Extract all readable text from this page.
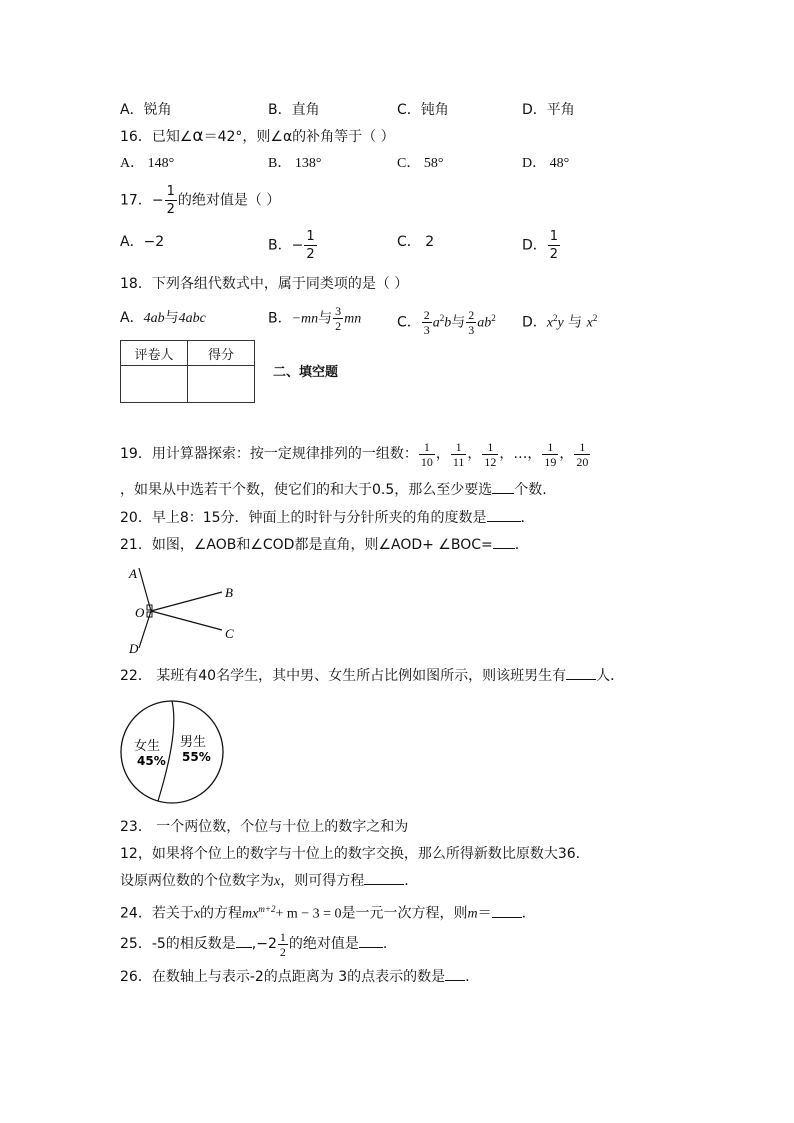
A．锐角	B．直角	C．钝角	D．平角
16．已知∠α＝42°，则∠α的补角等于（ ）
A． 148°	B． 138°	C． 58°	D． 48°
17．− $\frac{1}{2}$ 的绝对值是（ ）
A．−2	B．− $\frac{1}{2}$	C． 2	D． $\frac{1}{2}$
18．下列各组代数式中，属于同类项的是（ ）
A．4ab与4abc	B．−mn与 $\frac{3}{2}$ mn	C． $\frac{2}{3} a^2b$与 $\frac{2}{3} ab^2$ D．$x^2y$ 与 $x^2$
评卷人	得分

二、填空题
19．用计算器探索：按一定规律排列的一组数： $\frac{1}{10}$ ， $\frac{1}{11}$ ， $\frac{1}{12}$ ，…， $\frac{1}{19}$ ， $\frac{1}{20}$
，如果从中选若干个数，使它们的和大于0.5，那么至少要选 个数.
20．早上8：15分．钟面上的时针与分针所夹的角的度数是 ．
21．如图，∠AOB和∠COD都是直角，则∠AOD+ ∠BOC= ．
A
B
C
D
O
22． 某班有40名学生，其中男、女生所占比例如图所示，则该班男生有 人．
女生
45%
男生
55%
23． 一个两位数，个位与十位上的数字之和为
12，如果将个位上的数字与十位上的数字交换，那么所得新数比原数大36.
设原两位数的个位数字为x，则可得方程	.
24．若关于x的方程$mx^{m+2}+ m - 3 = 0$是一元一次方程，则m＝ ．
25．-5的相反数是 $,-2 \frac{1}{2}$ 的绝对值是 .
26．在数轴上与表示-2的点距离为 3的点表示的数是 .
